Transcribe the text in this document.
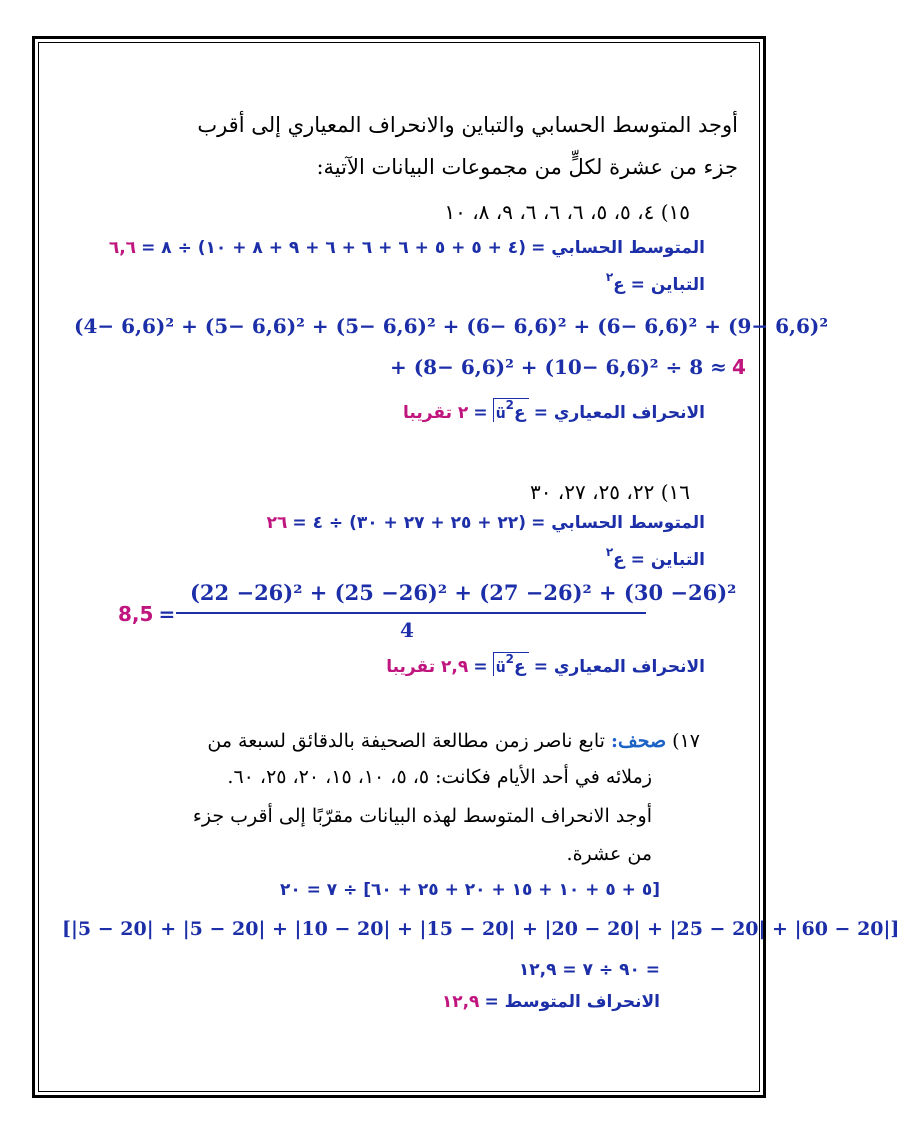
أوجد المتوسط الحسابي والتباين والانحراف المعياري إلى أقرب
جزء من عشرة لكلٍّ من مجموعات البيانات الآتية:
١٥) ٤، ٥، ٥، ٦، ٦، ٦، ٩، ٨، ١٠
المتوسط الحسابي = (٤ + ٥ + ٥ + ٦ + ٦ + ٦ + ٩ + ٨ + ١٠) ÷ ٨ = ٦,٦
التباين = ع$^٢$
(4− 6,6)² + (5− 6,6)² + (5− 6,6)² + (6− 6,6)² + (6− 6,6)² + (9− 6,6)²
+ (8− 6,6)² + (10− 6,6)² ÷ 8 ≈ 4
الانحراف المعياري = ü ع$^2$ = ٢ تقريبا
١٦) ٢٢، ٢٥، ٢٧، ٣٠
المتوسط الحسابي = (٢٢ + ٢٥ + ٢٧ + ٣٠) ÷ ٤ = ٢٦
التباين = ع$^٢$
(22 −26)² + (25 −26)² + (27 −26)² + (30 −26)²
4
8,5 =
الانحراف المعياري = ü ع$^2$ = ٢,٩ تقريبا
١٧) صحف: تابع ناصر زمن مطالعة الصحيفة بالدقائق لسبعة من
زملائه في أحد الأيام فكانت: ٥، ٥، ١٠، ١٥، ٢٠، ٢٥، ٦٠.
أوجد الانحراف المتوسط لهذه البيانات مقرّبًا إلى أقرب جزء
من عشرة.
[٥ + ٥ + ١٠ + ١٥ + ٢٠ + ٢٥ + ٦٠] ÷ ٧ = ٢٠
[|5 − 20| + |5 − 20| + |10 − 20| + |15 − 20| + |20 − 20| + |25 − 20| + |60 − 20|]
= ٩٠ ÷ ٧ = ١٢,٩
الانحراف المتوسط = ١٢,٩
